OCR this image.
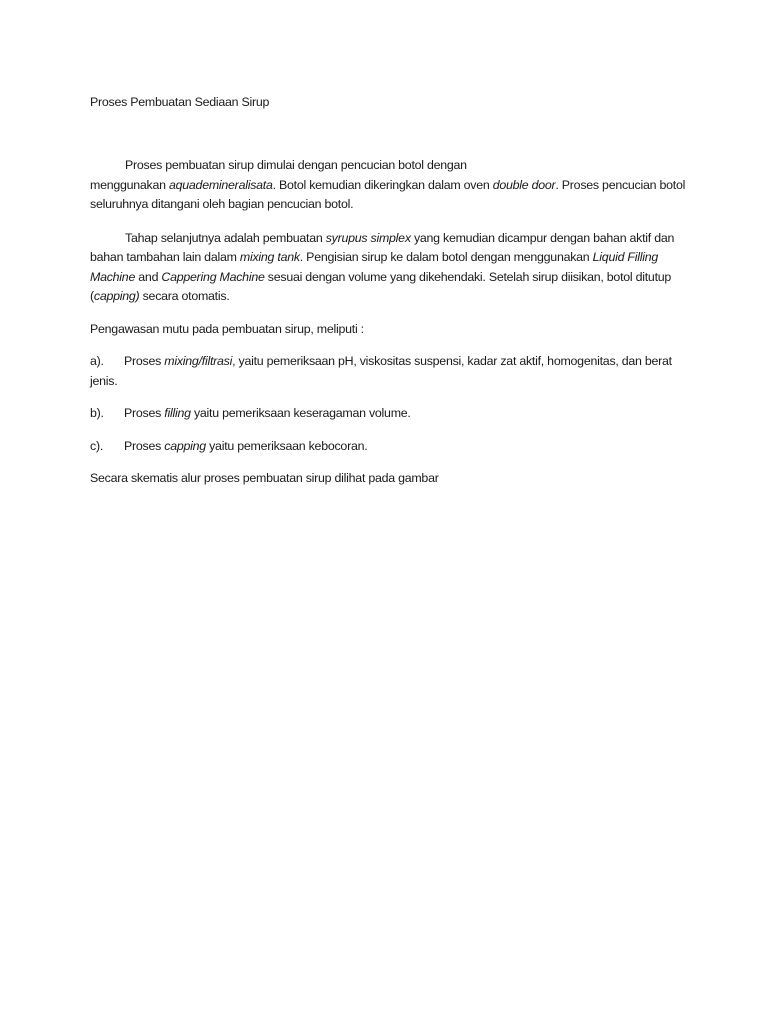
Proses Pembuatan Sediaan Sirup

Proses pembuatan sirup dimulai dengan pencucian botol dengan
menggunakan aquademineralisata. Botol kemudian dikeringkan dalam oven double door. Proses pencucian botol seluruhnya ditangani oleh bagian pencucian botol.

Tahap selanjutnya adalah pembuatan syrupus simplex yang kemudian dicampur dengan bahan aktif dan bahan tambahan lain dalam mixing tank. Pengisian sirup ke dalam botol dengan menggunakan Liquid Filling Machine and Cappering Machine sesuai dengan volume yang dikehendaki. Setelah sirup diisikan, botol ditutup (capping) secara otomatis.

Pengawasan mutu pada pembuatan sirup, meliputi :

a). Proses mixing/filtrasi, yaitu pemeriksaan pH, viskositas suspensi, kadar zat aktif, homogenitas, dan berat jenis.
b). Proses filling yaitu pemeriksaan keseragaman volume.
c). Proses capping yaitu pemeriksaan kebocoran.

Secara skematis alur proses pembuatan sirup dilihat pada gambar
